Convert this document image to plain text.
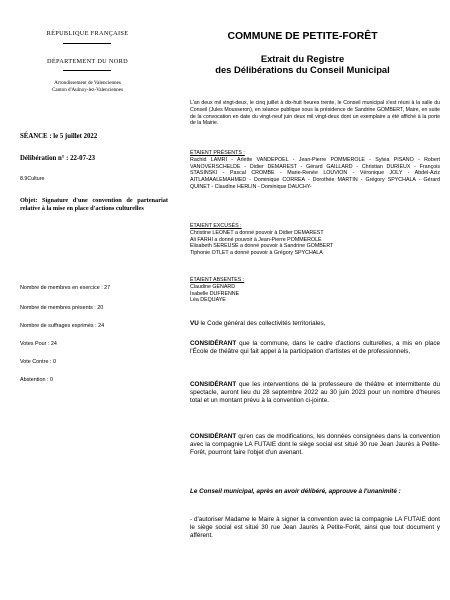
RÉPUBLIQUE FRANÇAISE
DÉPARTEMENT DU NORD
Arrondissement de Valenciennes
Canton d'Aulnoy-lez-Valenciennes
COMMUNE DE PETITE-FORÊT
Extrait du Registre
des Délibérations du Conseil Municipal
SÉANCE : le 5 juillet 2022
Délibération n° : 22-07-23
8.9Culture
Objet: Signature d'une convention de partenariat relative à la mise en place d'actions culturelles
Nombre de membres en exercice : 27
Nombre de membres présents : 20
Nombre de suffrages exprimés : 24
Votes Pour : 24
Vote Contre : 0
Abstention : 0
L'an deux mil vingt-deux, le cinq juillet à dix-huit heures trente, le Conseil municipal s'est réuni à la salle du Conseil (Jules Mousseron), en séance publique sous la présidence de Sandrine GOMBERT, Maire, en suite de la convocation en date du vingt-neuf juin deux mil vingt-deux dont un exemplaire a été affiché à la porte de la Mairie.
ÉTAIENT PRÉSENTS :
Rachid LAMRI - Arlette VANDEPOEL - Jean-Pierre POMMEROLE - Sylvia PISANO - Robert VANOVERSCHELDE - Didier DEMAREST - Gérard GAILLARD - Christian DURIEUX - François STASINSKI - Pascal CROMBE - Marie-Renée LOUVION - Véronique JOLY - Abdel-Aziz AITLAMAALEMAHMED - Dominique CORREA - Dorothée MARTIN - Grégory SPYCHALA - Gérard QUINET - Claudine HERLIN - Dominique DAUCHY-
ÉTAIENT EXCUSÉS :
Christine LEONET a donné pouvoir à Didier DEMAREST
Ali FARHI a donné pouvoir à Jean-Pierre POMMEROLE
Elisabeth SEREUSE a donné pouvoir à Sandrine GOMBERT
Tiphonie OTLET a donné pouvoir à Grégory SPYCHALA
ÉTAIENT ABSENTES :
Claudine GENARD
Isabelle DUFRENNE
Léa DEQUAYE
VU le Code général des collectivités territoriales,
CONSIDÉRANT que la commune, dans le cadre d'actions culturelles, a mis en place l'École de théâtre qui fait appel à la participation d'artistes et de professionnels,
CONSIDÉRANT que les interventions de la professeure de théâtre et intermittente du spectacle, auront lieu du 28 septembre 2022 au 30 juin 2023 pour un nombre d'heures total et un montant prévu à la convention ci-jointe.
CONSIDÉRANT qu'en cas de modifications, les données consignées dans la convention avec la compagnie LA FUTAIE dont le siège social est situé 30 rue Jean Jaurès à Petite-Forêt, pourront faire l'objet d'un avenant.
Le Conseil municipal, après en avoir délibéré, approuve à l'unanimité :
- d'autoriser Madame le Maire à signer la convention avec la compagnie LA FUTAIE dont le siège social est situé 30 rue Jean Jaurès à Petite-Forêt, ainsi que tout document y afférent.
